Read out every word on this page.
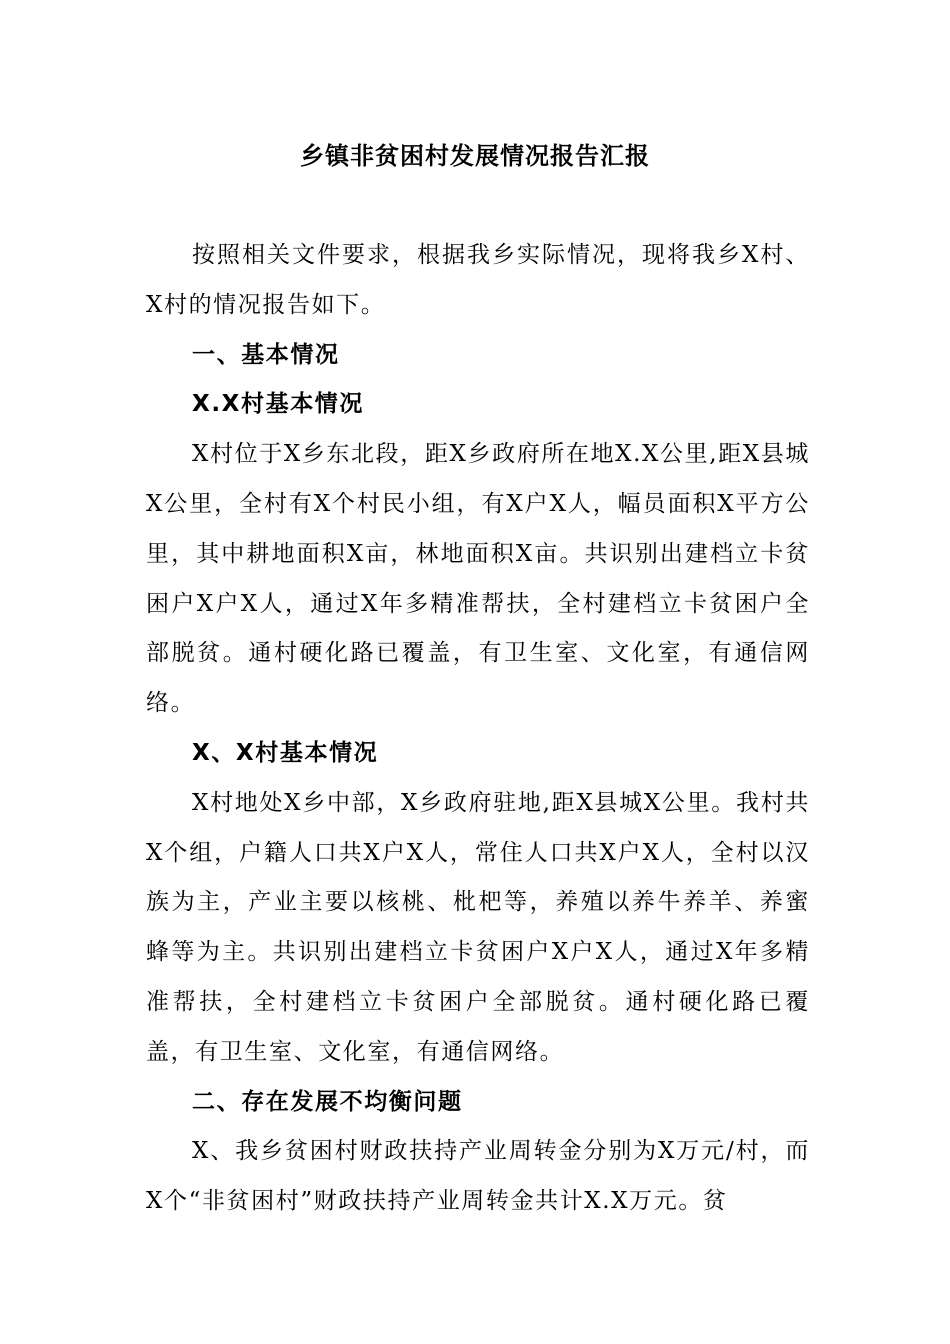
乡镇非贫困村发展情况报告汇报

按照相关文件要求，根据我乡实际情况，现将我乡X村、X村的情况报告如下。

一、基本情况
X.X村基本情况

X村位于X乡东北段，距X乡政府所在地X.X公里,距X县城X公里，全村有X个村民小组，有X户X人，幅员面积X平方公里，其中耕地面积X亩，林地面积X亩。共识别出建档立卡贫困户X户X人，通过X年多精准帮扶，全村建档立卡贫困户全部脱贫。通村硬化路已覆盖，有卫生室、文化室，有通信网络。

X、X村基本情况

X村地处X乡中部，X乡政府驻地,距X县城X公里。我村共X个组，户籍人口共X户X人，常住人口共X户X人，全村以汉族为主，产业主要以核桃、枇杷等，养殖以养牛养羊、养蜜蜂等为主。共识别出建档立卡贫困户X户X人，通过X年多精准帮扶，全村建档立卡贫困户全部脱贫。通村硬化路已覆盖，有卫生室、文化室，有通信网络。

二、存在发展不均衡问题

X、我乡贫困村财政扶持产业周转金分别为X万元/村，而X个“非贫困村”财政扶持产业周转金共计X.X万元。贫
